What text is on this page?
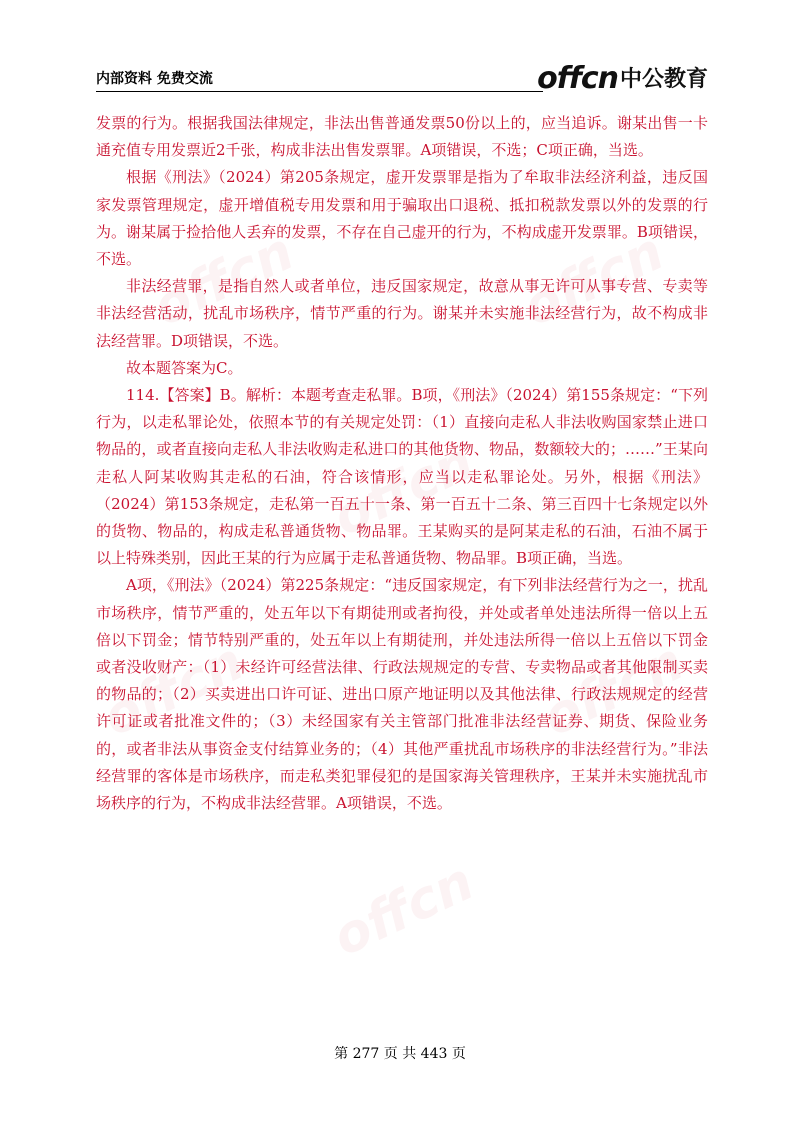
offcn	offcn
offcn
offcn	offcn
offcn
内部资料 免费交流	offcn 中公教育

发票的行为。根据我国法律规定，非法出售普通发票50份以上的，应当追诉。谢某出售一卡通充值专用发票近2千张，构成非法出售发票罪。A项错误，不选；C项正确，当选。

根据《刑法》（2024）第205条规定，虚开发票罪是指为了牟取非法经济利益，违反国家发票管理规定，虚开增值税专用发票和用于骗取出口退税、抵扣税款发票以外的发票的行为。谢某属于捡拾他人丢弃的发票，不存在自己虚开的行为，不构成虚开发票罪。B项错误，不选。

非法经营罪，是指自然人或者单位，违反国家规定，故意从事无许可从事专营、专卖等非法经营活动，扰乱市场秩序，情节严重的行为。谢某并未实施非法经营行为，故不构成非法经营罪。D项错误，不选。

故本题答案为C。

114.【答案】B。解析：本题考查走私罪。B项，《刑法》（2024）第155条规定：“下列行为，以走私罪论处，依照本节的有关规定处罚：（1）直接向走私人非法收购国家禁止进口物品的，或者直接向走私人非法收购走私进口的其他货物、物品，数额较大的；……”王某向走私人阿某收购其走私的石油，符合该情形，应当以走私罪论处。另外，根据《刑法》（2024）第153条规定，走私第一百五十一条、第一百五十二条、第三百四十七条规定以外的货物、物品的，构成走私普通货物、物品罪。王某购买的是阿某走私的石油，石油不属于以上特殊类别，因此王某的行为应属于走私普通货物、物品罪。B项正确，当选。

A项，《刑法》（2024）第225条规定：“违反国家规定，有下列非法经营行为之一，扰乱市场秩序，情节严重的，处五年以下有期徒刑或者拘役，并处或者单处违法所得一倍以上五倍以下罚金；情节特别严重的，处五年以上有期徒刑，并处违法所得一倍以上五倍以下罚金或者没收财产：（1）未经许可经营法律、行政法规规定的专营、专卖物品或者其他限制买卖的物品的；（2）买卖进出口许可证、进出口原产地证明以及其他法律、行政法规规定的经营许可证或者批准文件的；（3）未经国家有关主管部门批准非法经营证券、期货、保险业务的，或者非法从事资金支付结算业务的；（4）其他严重扰乱市场秩序的非法经营行为。”非法经营罪的客体是市场秩序，而走私类犯罪侵犯的是国家海关管理秩序，王某并未实施扰乱市场秩序的行为，不构成非法经营罪。A项错误，不选。

第 277 页 共 443 页
